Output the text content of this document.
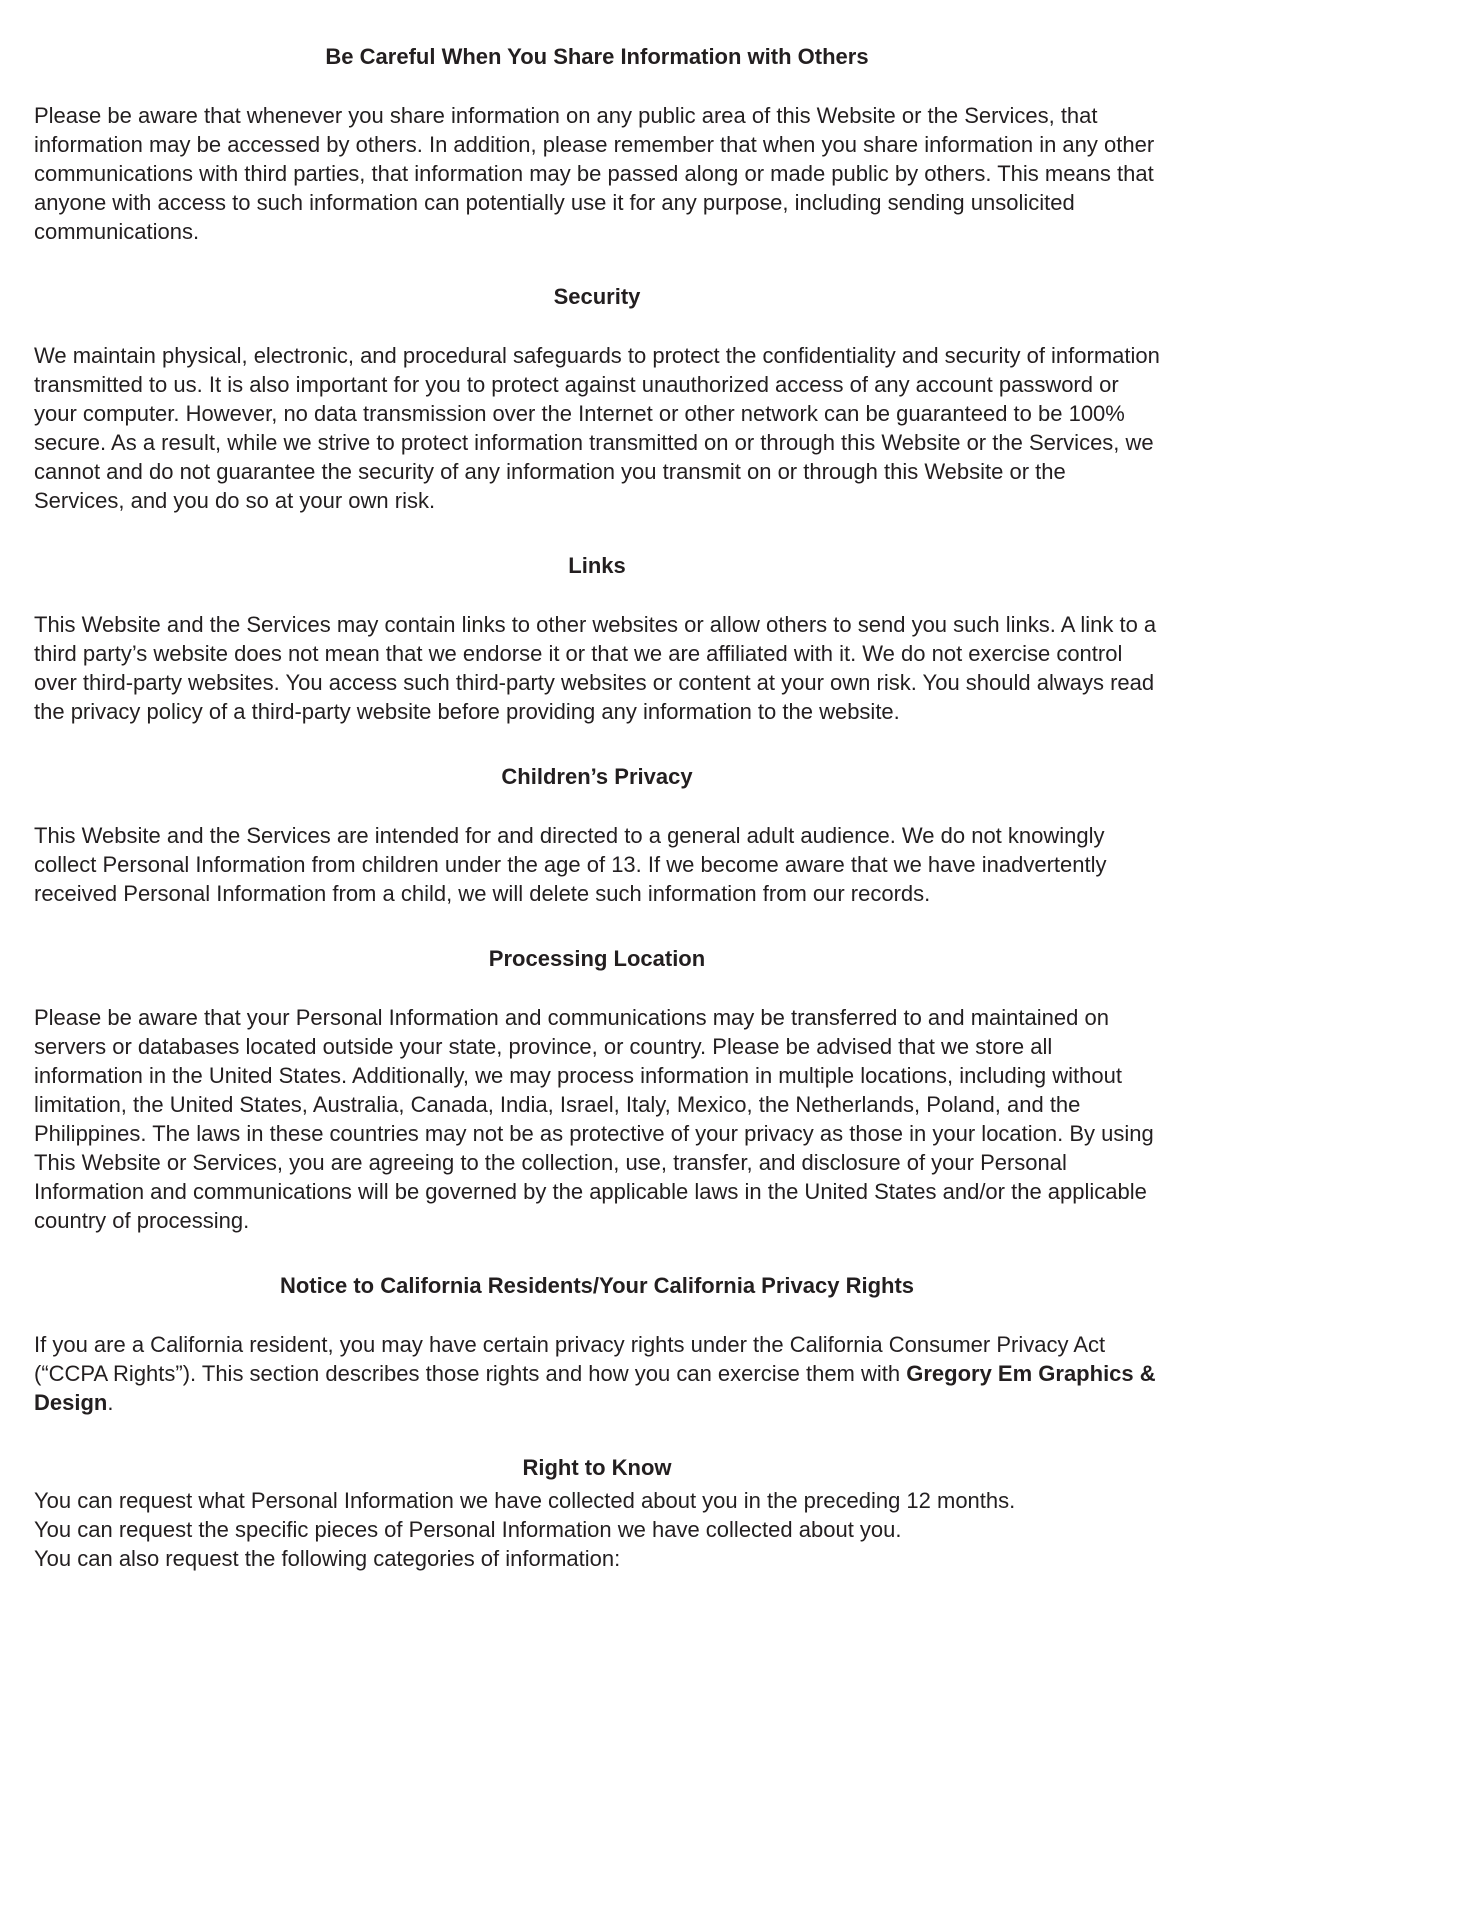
Be Careful When You Share Information with Others

Please be aware that whenever you share information on any public area of this Website or the Services, that information may be accessed by others. In addition, please remember that when you share information in any other communications with third parties, that information may be passed along or made public by others. This means that anyone with access to such information can potentially use it for any purpose, including sending unsolicited communications.

Security

We maintain physical, electronic, and procedural safeguards to protect the confidentiality and security of information transmitted to us. It is also important for you to protect against unauthorized access of any account password or your computer. However, no data transmission over the Internet or other network can be guaranteed to be 100% secure. As a result, while we strive to protect information transmitted on or through this Website or the Services, we cannot and do not guarantee the security of any information you transmit on or through this Website or the Services, and you do so at your own risk.

Links

This Website and the Services may contain links to other websites or allow others to send you such links. A link to a third party’s website does not mean that we endorse it or that we are affiliated with it. We do not exercise control over third-party websites. You access such third-party websites or content at your own risk. You should always read the privacy policy of a third-party website before providing any information to the website.

Children’s Privacy

This Website and the Services are intended for and directed to a general adult audience. We do not knowingly collect Personal Information from children under the age of 13. If we become aware that we have inadvertently received Personal Information from a child, we will delete such information from our records.

Processing Location

Please be aware that your Personal Information and communications may be transferred to and maintained on servers or databases located outside your state, province, or country. Please be advised that we store all information in the United States. Additionally, we may process information in multiple locations, including without limitation, the United States, Australia, Canada, India, Israel, Italy, Mexico, the Netherlands, Poland, and the Philippines. The laws in these countries may not be as protective of your privacy as those in your location. By using This Website or Services, you are agreeing to the collection, use, transfer, and disclosure of your Personal Information and communications will be governed by the applicable laws in the United States and/or the applicable country of processing.

Notice to California Residents/Your California Privacy Rights

If you are a California resident, you may have certain privacy rights under the California Consumer Privacy Act (“CCPA Rights”). This section describes those rights and how you can exercise them with Gregory Em Graphics & Design.

Right to Know

You can request what Personal Information we have collected about you in the preceding 12 months.

You can request the specific pieces of Personal Information we have collected about you.

You can also request the following categories of information:
